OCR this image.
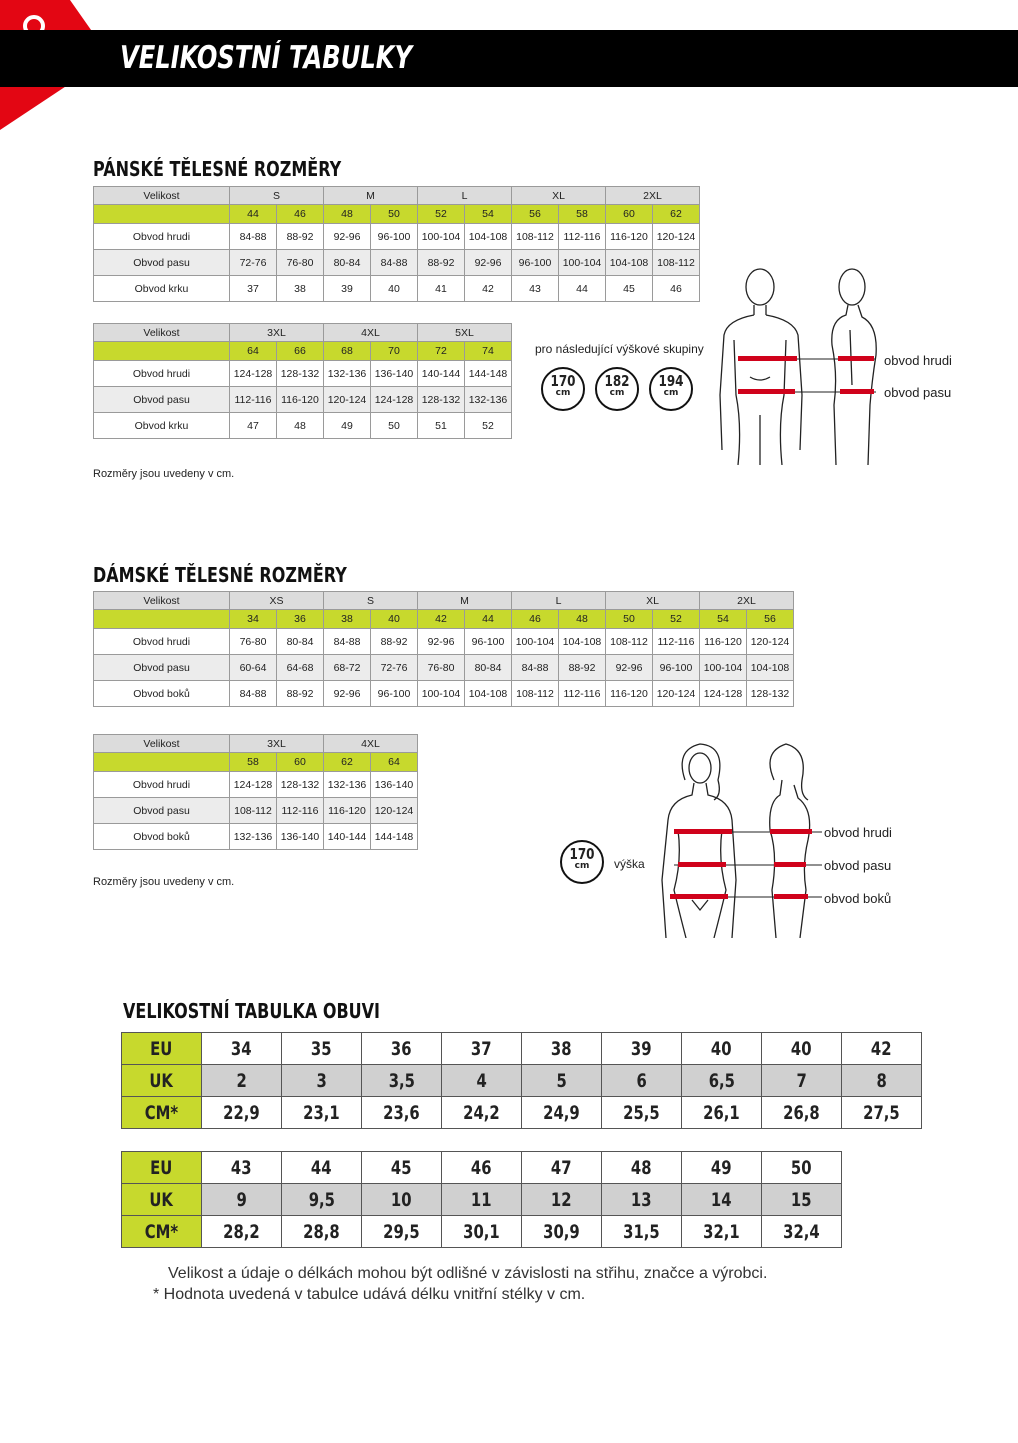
VELIKOSTNÍ TABULKY
PÁNSKÉ TĚLESNÉ ROZMĚRY
Velikost	S		M		L		XL		2XL	
	44	46	48	50	52	54	56	58	60	62
Obvod hrudi	84-88	88-92	92-96	96-100	100-104	104-108	108-112	112-116	116-120	120-124
Obvod pasu	72-76	76-80	80-84	84-88	88-92	92-96	96-100	100-104	104-108	108-112
Obvod krku	37	38	39	40	41	42	43	44	45	46
Velikost	3XL		4XL		5XL	
	64	66	68	70	72	74
Obvod hrudi	124-128	128-132	132-136	136-140	140-144	144-148
Obvod pasu	112-116	116-120	120-124	124-128	128-132	132-136
Obvod krku	47	48	49	50	51	52
Rozměry jsou uvedeny v cm.
pro následující výškové skupiny
170
cm
182
cm
194
cm
obvod hrudi
obvod pasu
DÁMSKÉ TĚLESNÉ ROZMĚRY
Velikost	XS		S		M		L		XL		2XL	
	34	36	38	40	42	44	46	48	50	52	54	56
Obvod hrudi	76-80	80-84	84-88	88-92	92-96	96-100	100-104	104-108	108-112	112-116	116-120	120-124
Obvod pasu	60-64	64-68	68-72	72-76	76-80	80-84	84-88	88-92	92-96	96-100	100-104	104-108
Obvod boků	84-88	88-92	92-96	96-100	100-104	104-108	108-112	112-116	116-120	120-124	124-128	128-132
Velikost	3XL		4XL	
	58	60	62	64
Obvod hrudi	124-128	128-132	132-136	136-140
Obvod pasu	108-112	112-116	116-120	120-124
Obvod boků	132-136	136-140	140-144	144-148
Rozměry jsou uvedeny v cm.
170
cm	výška
obvod hrudi
obvod pasu
obvod boků
VELIKOSTNÍ TABULKA OBUVI
EU	34	35	36	37	38	39	40	40	42
UK	2	3	3,5	4	5	6	6,5	7	8
CM*	22,9	23,1	23,6	24,2	24,9	25,5	26,1	26,8	27,5
EU	43	44	45	46	47	48	49	50
UK	9	9,5	10	11	12	13	14	15
CM*	28,2	28,8	29,5	30,1	30,9	31,5	32,1	32,4
Velikost a údaje o délkách mohou být odlišné v závislosti na střihu, značce a výrobci.
* Hodnota uvedená v tabulce udává délku vnitřní stélky v cm.
